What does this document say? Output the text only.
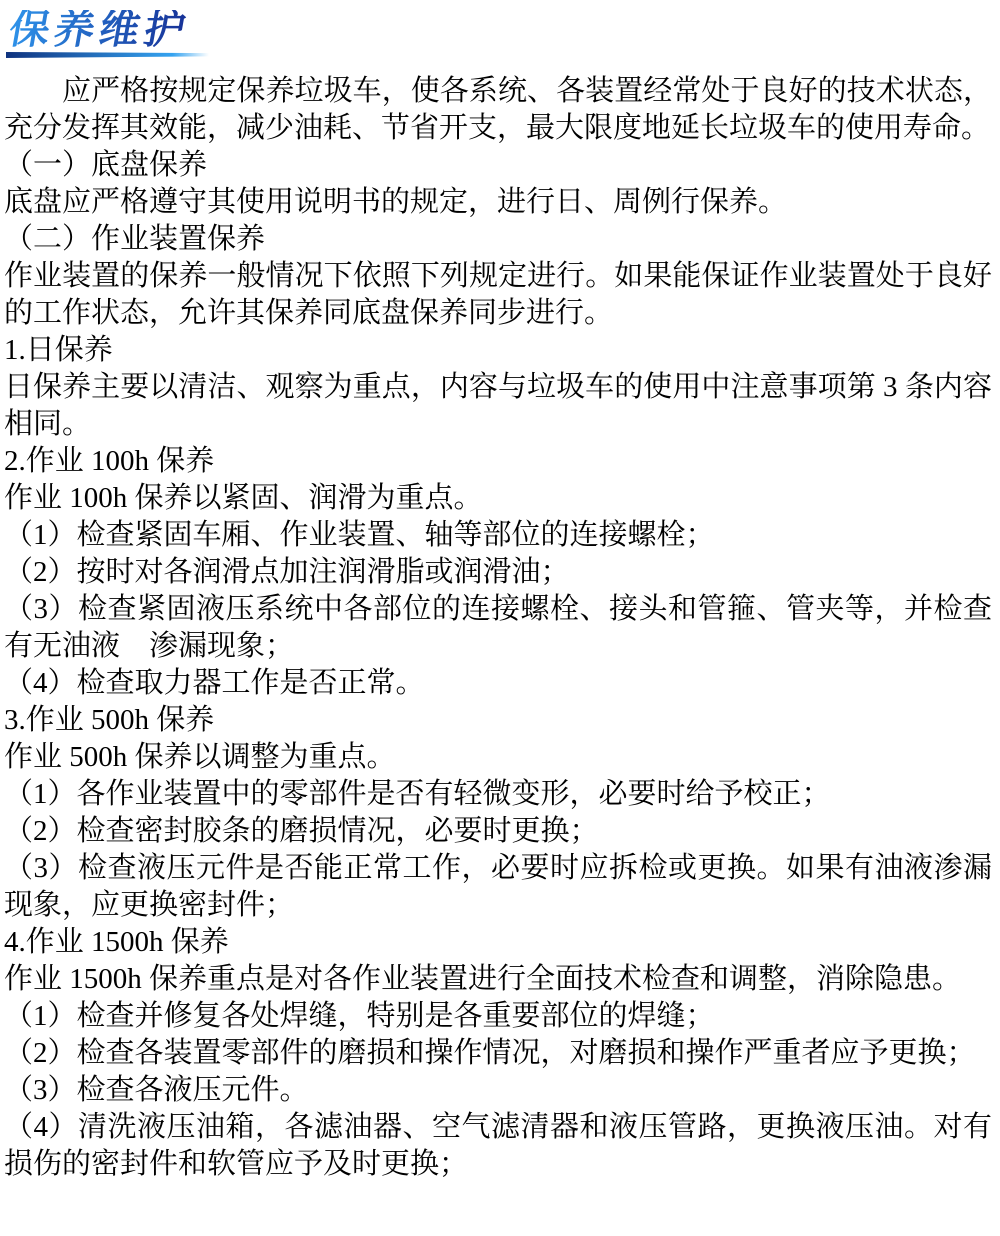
保养维护

应严格按规定保养垃圾车，使各系统、各装置经常处于良好的技术状态，充分发挥其效能，减少油耗、节省开支，最大限度地延长垃圾车的使用寿命。

（一）底盘保养

底盘应严格遵守其使用说明书的规定，进行日、周例行保养。

（二）作业装置保养

作业装置的保养一般情况下依照下列规定进行。如果能保证作业装置处于良好的工作状态，允许其保养同底盘保养同步进行。

1.日保养

日保养主要以清洁、观察为重点，内容与垃圾车的使用中注意事项第 3 条内容相同。

2.作业 100h 保养

作业 100h 保养以紧固、润滑为重点。

（1）检查紧固车厢、作业装置、轴等部位的连接螺栓；

（2）按时对各润滑点加注润滑脂或润滑油；

（3）检查紧固液压系统中各部位的连接螺栓、接头和管箍、管夹等，并检查有无油液　渗漏现象；

（4）检查取力器工作是否正常。

3.作业 500h 保养

作业 500h 保养以调整为重点。

（1）各作业装置中的零部件是否有轻微变形，必要时给予校正；

（2）检查密封胶条的磨损情况，必要时更换；

（3）检查液压元件是否能正常工作，必要时应拆检或更换。如果有油液渗漏现象，应更换密封件；

4.作业 1500h 保养

作业 1500h 保养重点是对各作业装置进行全面技术检查和调整，消除隐患。

（1）检查并修复各处焊缝，特别是各重要部位的焊缝；

（2）检查各装置零部件的磨损和操作情况，对磨损和操作严重者应予更换；

（3）检查各液压元件。

（4）清洗液压油箱，各滤油器、空气滤清器和液压管路，更换液压油。对有损伤的密封件和软管应予及时更换；
